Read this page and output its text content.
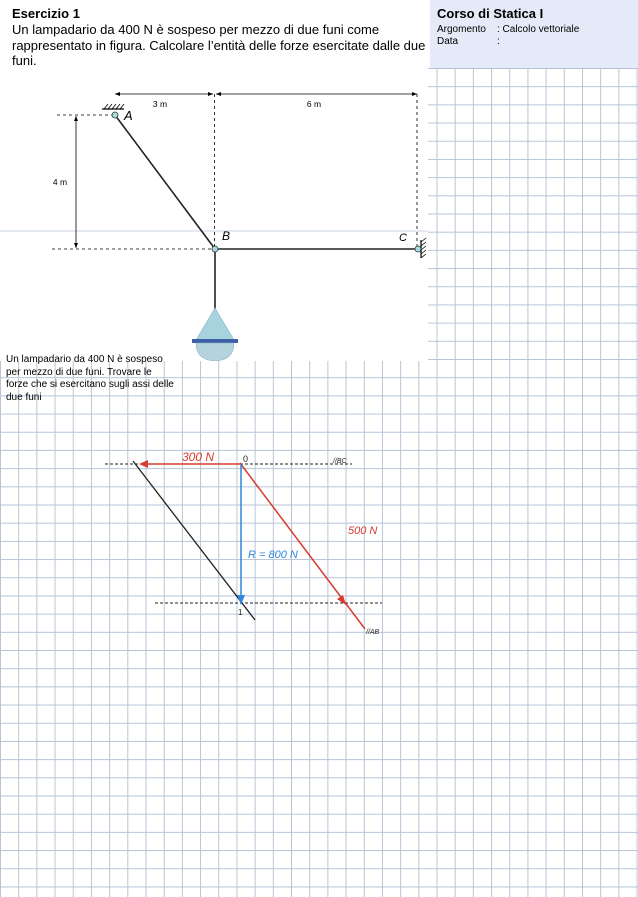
Esercizio 1
Un lampadario da 400 N è sospeso per mezzo di due funi come rappresentato in figura. Calcolare l’entità delle forze esercitate dalle due funi.
Corso di Statica I
Argomento : Calcolo vettoriale
Data	:
3 m	6 m
4 m
A
B	C
Un lampadario da 400 N è sospeso per mezzo di due funi. Trovare le forze che si esercitano sugli assi delle due funi
300 N	0	//BC
500 N
R = 800 N
1
//AB
